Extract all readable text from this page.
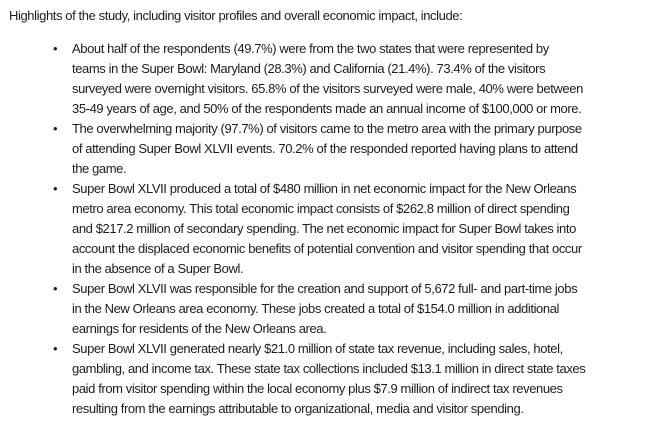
Highlights of the study, including visitor profiles and overall economic impact, include:

• About half of the respondents (49.7%) were from the two states that were represented by
teams in the Super Bowl: Maryland (28.3%) and California (21.4%). 73.4% of the visitors
surveyed were overnight visitors. 65.8% of the visitors surveyed were male, 40% were between
35-49 years of age, and 50% of the respondents made an annual income of $100,000 or more.
• The overwhelming majority (97.7%) of visitors came to the metro area with the primary purpose
of attending Super Bowl XLVII events. 70.2% of the responded reported having plans to attend
the game.
• Super Bowl XLVII produced a total of $480 million in net economic impact for the New Orleans
metro area economy. This total economic impact consists of $262.8 million of direct spending
and $217.2 million of secondary spending. The net economic impact for Super Bowl takes into
account the displaced economic benefits of potential convention and visitor spending that occur
in the absence of a Super Bowl.
• Super Bowl XLVII was responsible for the creation and support of 5,672 full- and part-time jobs
in the New Orleans area economy. These jobs created a total of $154.0 million in additional
earnings for residents of the New Orleans area.
• Super Bowl XLVII generated nearly $21.0 million of state tax revenue, including sales, hotel,
gambling, and income tax. These state tax collections included $13.1 million in direct state taxes
paid from visitor spending within the local economy plus $7.9 million of indirect tax revenues
resulting from the earnings attributable to organizational, media and visitor spending.
